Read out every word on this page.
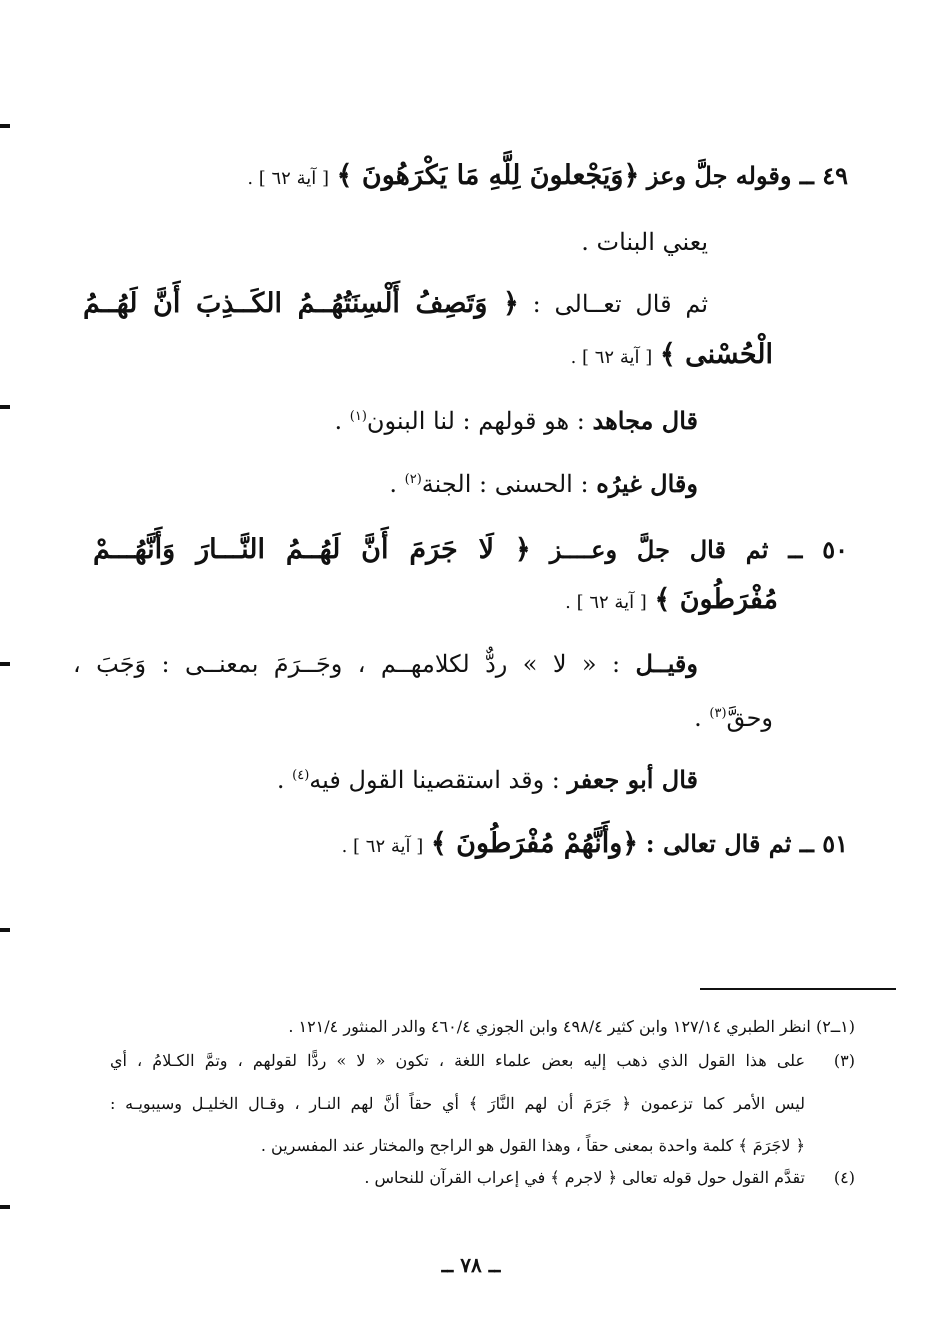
٤٩ ــ وقوله جلَّ وعز ﴿وَيَجْعلونَ لِلَّهِ مَا يَكْرَهُونَ ﴾ [ آية ٦٢ ] .
يعني البنات .
ثم قال تعــالى : ﴿ وَتَصِفُ أَلْسِنَتُهُــمُ الكَــذِبَ أَنَّ لَهُــمُ
الْحُسْنى ﴾ [ آية ٦٢ ] .
قال مجاهد : هو قولهم : لنا البنون$^{(١)}$ .
وقال غيرُه : الحسنى : الجنة$^{(٢)}$ .
٥٠ ــ ثم قال جلَّ وعــــز ﴿ لَا جَرَمَ أَنَّ لَهُــمُ النَّـــارَ وَأَنَّهُـــمْ
مُفْرَطُونَ ﴾ [ آية ٦٢ ] .
وقيــل : « لا » ردٌّ لكلامهــم ، وجَــرَمَ بمعنــى : وَجَبَ ،
وحقَّ$^{(٣)}$ .
قال أبو جعفر : وقد استقصينا القول فيه$^{(٤)}$ .
٥١ ــ ثم قال تعالى : ﴿وأَنَّهُمْ مُفْرَطُونَ ﴾ [ آية ٦٢ ] .
(١ــ٢) انظر الطبري ١٢٧/١٤ وابن كثير ٤٩٨/٤ وابن الجوزي ٤٦٠/٤ والدر المنثور ١٢١/٤ .
(٣)
على هذا القول الذي ذهب إليه بعض علماء اللغة ، تكون « لا » ردًّا لقولهم ، وتمَّ الكـلامُ ، أي
ليس الأمر كما تزعمون ﴿ جَرَمَ أن لهم النَّارَ ﴾ أي حقاً أنَّ لهم النـار ، وقـال الخليـل وسيبويـه :
﴿ لاجَرَمَ ﴾ كلمة واحدة بمعنى حقاً ، وهذا القول هو الراجح والمختار عند المفسرين .
(٤)
تقدَّم القول حول قوله تعالى ﴿ لاجرم ﴾ في إعراب القرآن للنحاس .
ــ ٧٨ ــ
